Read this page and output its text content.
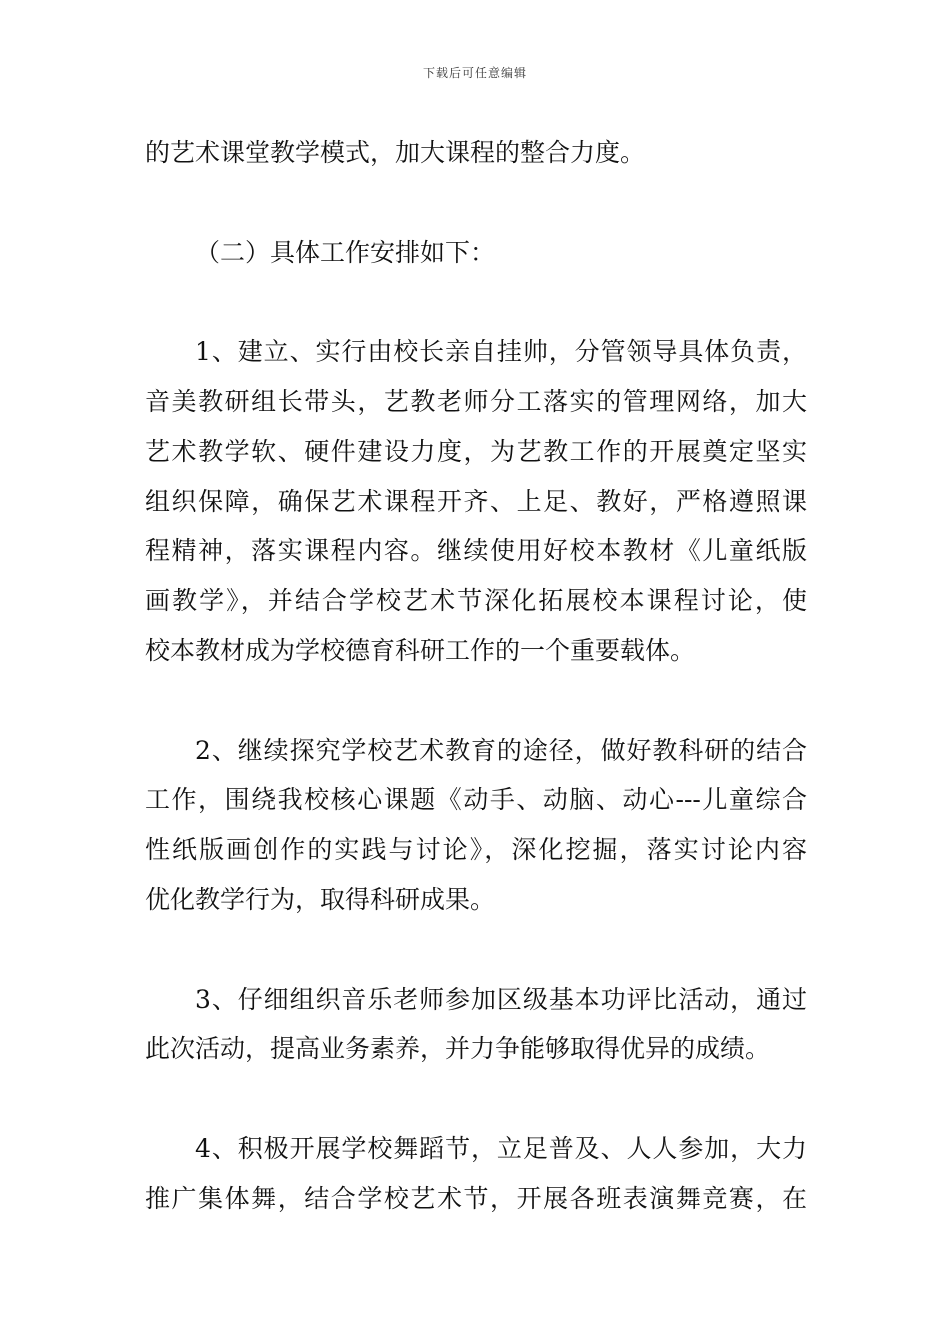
下载后可任意编辑
的艺术课堂教学模式，加大课程的整合力度。
（二）具体工作安排如下：
1、建立、实行由校长亲自挂帅，分管领导具体负责，
音美教研组长带头，艺教老师分工落实的管理网络，加大
艺术教学软、硬件建设力度，为艺教工作的开展奠定坚实
组织保障，确保艺术课程开齐、上足、教好，严格遵照课
程精神，落实课程内容。继续使用好校本教材《儿童纸版
画教学》，并结合学校艺术节深化拓展校本课程讨论，使
校本教材成为学校德育科研工作的一个重要载体。
2、继续探究学校艺术教育的途径，做好教科研的结合
工作，围绕我校核心课题《动手、动脑、动心---儿童综合
性纸版画创作的实践与讨论》，深化挖掘，落实讨论内容
优化教学行为，取得科研成果。
3、仔细组织音乐老师参加区级基本功评比活动，通过
此次活动，提高业务素养，并力争能够取得优异的成绩。
4、积极开展学校舞蹈节，立足普及、人人参加，大力
推广集体舞，结合学校艺术节，开展各班表演舞竞赛，在
